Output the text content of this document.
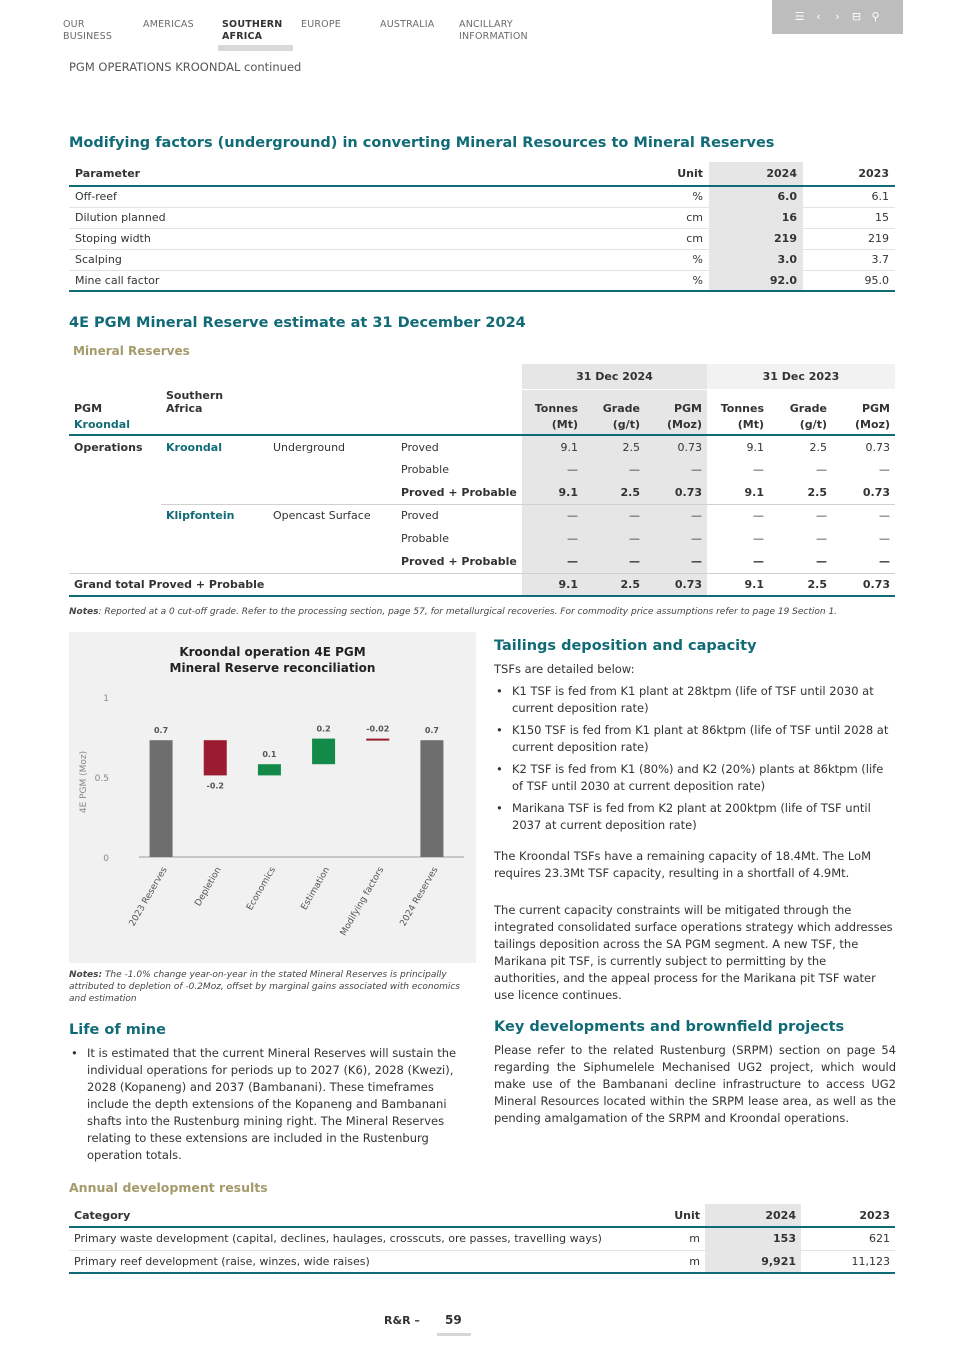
OUR
BUSINESS
AMERICAS	SOUTHERN
AFRICA
EUROPE	AUSTRALIA	ANCILLARY
INFORMATION
☰ ‹ › ⊟ ⚲
PGM OPERATIONS KROONDAL continued
Modifying factors (underground) in converting Mineral Resources to Mineral Reserves
Parameter	Unit	2024	2023
Off-reef	%	6.0	6.1
Dilution planned	cm	16	15
Stoping width	cm	219	219
Scalping	%	3.0	3.7
Mine call factor	%	92.0	95.0
4E PGM Mineral Reserve estimate at 31 December 2024
Mineral Reserves
				31 Dec 2024			31 Dec 2023		
PGM	Southern Africa			Tonnes	Grade	PGM	Tonnes	Grade	PGM
Kroondal				(Mt)	(g/t)	(Moz)	(Mt)	(g/t)	(Moz)
Operations	Kroondal	Underground	Proved	9.1	2.5	0.73	9.1	2.5	0.73
			Probable	—	—	—	—	—	—
			Proved + Probable	9.1	2.5	0.73	9.1	2.5	0.73
	Klipfontein	Opencast Surface	Proved	—	—	—	—	—	—
			Probable	—	—	—	—	—	—
			Proved + Probable	—	—	—	—	—	—
Grand total Proved + Probable				9.1	2.5	0.73	9.1	2.5	0.73
Notes: Reported at a 0 cut-off grade. Refer to the processing section, page 57, for metallurgical recoveries. For commodity price assumptions refer to page 19 Section 1.
Kroondal operation 4E PGM
Mineral Reserve reconciliation
0
0.5
1
4E PGM (Moz)
0.7
2023 Reserves
-0.2
Depletion
0.1
Economics
0.2
Estimation
-0.02
Modifying factors
0.7
2024 Reserves
Notes: The -1.0% change year-on-year in the stated Mineral Reserves is principally attributed to depletion of -0.2Moz, offset by marginal gains associated with economics and estimation
Life of mine
• It is estimated that the current Mineral Reserves will sustain the individual operations for periods up to 2027 (K6), 2028 (Kwezi), 2028 (Kopaneng) and 2037 (Bambanani). These timeframes include the depth extensions of the Kopaneng and Bambanani shafts into the Rustenburg mining right. The Mineral Reserves relating to these extensions are included in the Rustenburg operation totals.
Tailings deposition and capacity
TSFs are detailed below:
• K1 TSF is fed from K1 plant at 28ktpm (life of TSF until 2030 at current deposition rate)
• K150 TSF is fed from K1 plant at 86ktpm (life of TSF until 2028 at current deposition rate)
• K2 TSF is fed from K1 (80%) and K2 (20%) plants at 86ktpm (life of TSF until 2030 at current deposition rate)
• Marikana TSF is fed from K2 plant at 200ktpm (life of TSF until 2037 at current deposition rate)
The Kroondal TSFs have a remaining capacity of 18.4Mt. The LoM requires 23.3Mt TSF capacity, resulting in a shortfall of 4.9Mt.
The current capacity constraints will be mitigated through the integrated consolidated surface operations strategy which addresses tailings deposition across the SA PGM segment. A new TSF, the Marikana pit TSF, is currently subject to permitting by the authorities, and the appeal process for the Marikana pit TSF water use licence continues.
Key developments and brownfield projects
Please refer to the related Rustenburg (SRPM) section on page 54 regarding the Siphumelele Mechanised UG2 project, which would make use of the Bambanani decline infrastructure to access UG2 Mineral Resources located within the SRPM lease area, as well as the pending amalgamation of the SRPM and Kroondal operations.
Annual development results
Category	Unit	2024	2023
Primary waste development (capital, declines, haulages, crosscuts, ore passes, travelling ways)	m	153	621
Primary reef development (raise, winzes, wide raises)	m	9,921	11,123
R&R – 59
